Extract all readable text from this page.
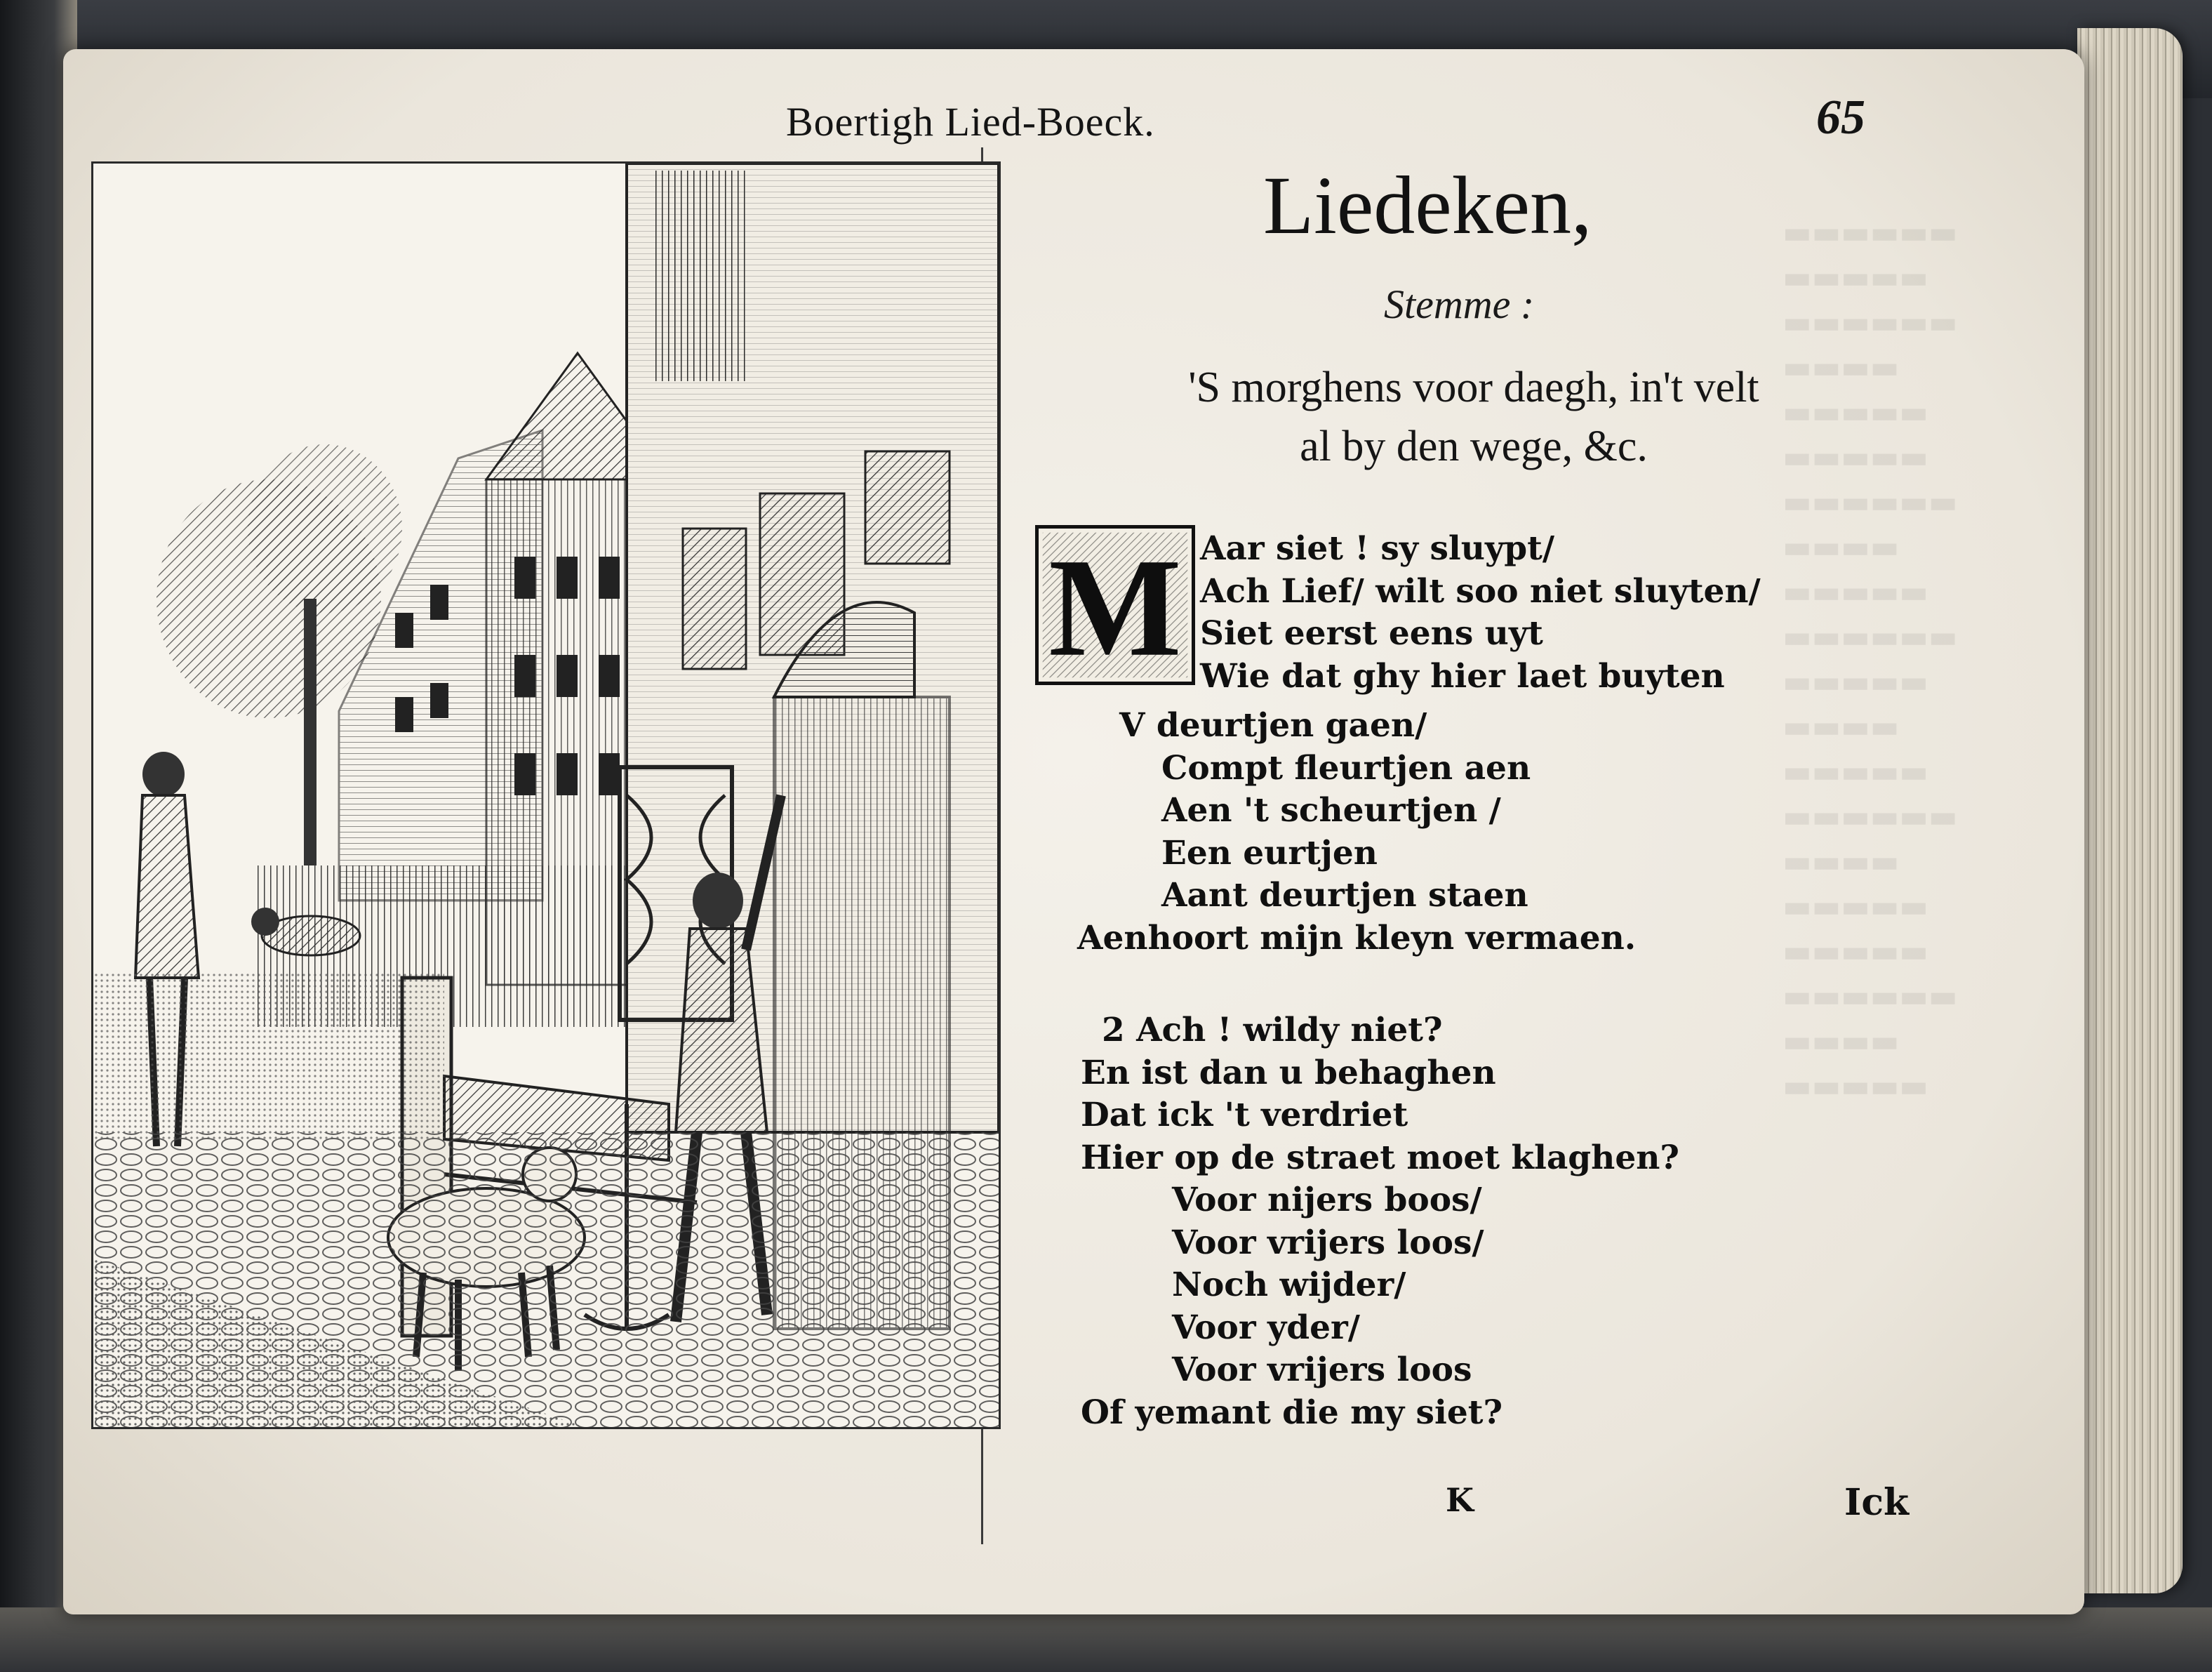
▬▬▬▬▬▬
▬▬▬▬▬
▬▬▬▬▬▬
▬▬▬▬
▬▬▬▬▬
▬▬▬▬▬
▬▬▬▬▬▬
▬▬▬▬
▬▬▬▬▬
▬▬▬▬▬▬
▬▬▬▬▬
▬▬▬▬
▬▬▬▬▬
▬▬▬▬▬▬
▬▬▬▬
▬▬▬▬▬
▬▬▬▬▬
▬▬▬▬▬▬
▬▬▬▬
▬▬▬▬▬
Boertigh Lied-Boeck.	65
Liedeken,
Stemme :
'S morghens voor daegh, in't velt
al by den wege, &c.
M Aar siet ! sy sluypt/
Ach Lief/ wilt soo niet sluyten/
Siet eerst eens uyt
Wie dat ghy hier laet buyten
V deurtjen gaen/
Compt fleurtjen aen
Aen 't scheurtjen /
Een eurtjen
Aant deurtjen staen
Aenhoort mijn kleyn vermaen.
2 Ach ! wildy niet?
En ist dan u behaghen
Dat ick 't verdriet
Hier op de straet moet klaghen?
Voor nijers boos/
Voor vrijers loos/
Noch wijder/
Voor yder/
Voor vrijers loos
Of yemant die my siet?
K	Ick
